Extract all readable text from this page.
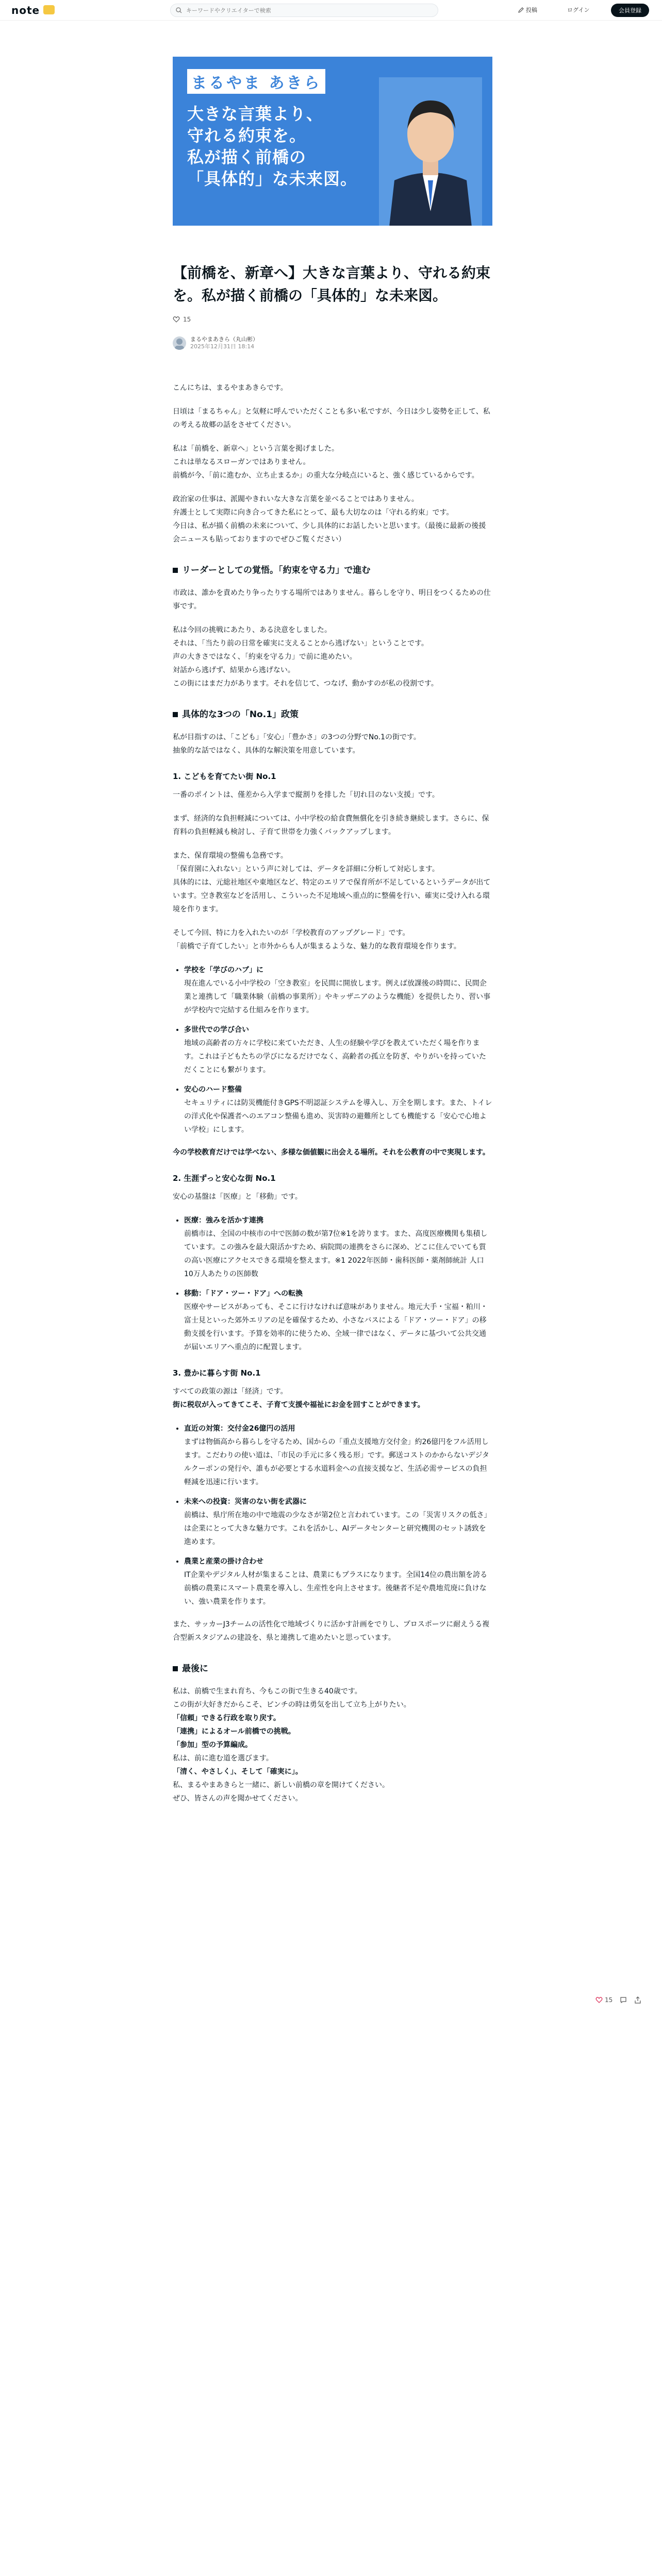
note
キーワードやクリエイターで検索	投稿	ログイン	会員登録
まるやま あきら
大きな言葉より、
守れる約束を。
私が描く前橋の
「具体的」な未来図。
【前橋を、新章へ】大きな言葉より、守れる約束を。私が描く前橋の「具体的」な未来図。
15
まるやまあきら（丸山彬）
2025年12月31日 18:14

こんにちは、まるやまあきらです。

日頃は「まるちゃん」と気軽に呼んでいただくことも多い私ですが、今日は少し姿勢を正して、私の考える故郷の話をさせてください。

私は「前橋を、新章へ」という言葉を掲げました。
これは単なるスローガンではありません。
前橋が今、「前に進むか、立ち止まるか」の重大な分岐点にいると、強く感じているからです。

政治家の仕事は、派閥やきれいな大きな言葉を並べることではありません。
弁護士として実際に向き合ってきた私にとって、最も大切なのは「守れる約束」です。
今日は、私が描く前橋の未来について、少し具体的にお話したいと思います。（最後に最新の後援会ニュースも貼っておりますのでぜひご覧ください）

リーダーとしての覚悟。「約束を守る力」で進む

市政は、誰かを責めたり争ったりする場所ではありません。暮らしを守り、明日をつくるための仕事です。

私は今回の挑戦にあたり、ある決意をしました。
それは、「当たり前の日常を確実に支えることから逃げない」ということです。
声の大きさではなく、「約束を守る力」で前に進めたい。
対話から逃げず、結果から逃げない。
この街にはまだ力があります。それを信じて、つなげ、動かすのが私の役割です。

具体的な3つの「No.1」政策

私が目指すのは、「こども」「安心」「豊かさ」の3つの分野でNo.1の街です。
抽象的な話ではなく、具体的な解決策を用意しています。

1. こどもを育てたい街 No.1

一番のポイントは、僅差から入学まで縦割りを排した「切れ目のない支援」です。

まず、経済的な負担軽減については、小中学校の給食費無償化を引き続き継続します。さらに、保育料の負担軽減も検討し、子育て世帯を力強くバックアップします。

また、保育環境の整備も急務です。
「保育園に入れない」という声に対しては、データを詳細に分析して対応します。
具体的には、元総社地区や東地区など、特定のエリアで保育所が不足しているというデータが出ています。空き教室などを活用し、こういった不足地域へ重点的に整備を行い、確実に受け入れる環境を作ります。

そして今回、特に力を入れたいのが「学校教育のアップグレード」です。
「前橋で子育てしたい」と市外からも人が集まるような、魅力的な教育環境を作ります。

• 学校を「学びのハブ」に
現在進んでいる小中学校の「空き教室」を民間に開放します。例えば放課後の時間に、民間企業と連携して「職業体験（前橋の事業所）」やキッザニアのような機能）を提供したり、習い事が学校内で完結する仕組みを作ります。
• 多世代での学び合い
地域の高齢者の方々に学校に来ていただき、人生の経験や学びを教えていただく場を作ります。これは子どもたちの学びになるだけでなく、高齢者の孤立を防ぎ、やりがいを持っていただくことにも繋がります。
• 安心のハード整備
セキュリティには防災機能付きGPS不明認証システムを導入し、万全を期します。また、トイレの洋式化や保護者へのエアコン整備も進め、災害時の避難所としても機能する「安心で心地よい学校」にします。

今の学校教育だけでは学べない、多様な価値観に出会える場所。それを公教育の中で実現します。

2. 生涯ずっと安心な街 No.1

安心の基盤は「医療」と「移動」です。

• 医療：強みを活かす連携
前橋市は、全国の中核市の中で医師の数が第7位※1を誇ります。また、高度医療機関も集積しています。この強みを最大限活かすため、病院間の連携をさらに深め、どこに住んでいても質の高い医療にアクセスできる環境を整えます。※1 2022年医師・歯科医師・薬剤師統計 人口10万人あたりの医師数
• 移動：「ドア・ツー・ドア」への転換
医療やサービスがあっても、そこに行けなければ意味がありません。地元大手・宝福・粕川・富士見といった郊外エリアの足を確保するため、小さなバスによる「ドア・ツー・ドア」の移動支援を行います。予算を効率的に使うため、全域一律ではなく、データに基づいて公共交通が届いエリアへ重点的に配置します。
3. 豊かに暮らす街 No.1

すべての政策の源は「経済」です。
街に税収が入ってきてこそ、子育て支援や福祉にお金を回すことができます。

• 直近の対策：交付金26億円の活用
まずは物価高から暮らしを守るため、国からの「重点支援地方交付金」約26億円をフル活用します。こだわりの使い道は、「市民の手元に多く残る形」です。郵送コストのかからないデジタルクーポンの発行や、誰もが必要とする水道料金への直接支援など、生活必需サービスの負担軽減を迅速に行います。
• 未来への投資：災害のない街を武器に
前橋は、県庁所在地の中で地震の少なさが第2位と言われています。この「災害リスクの低さ」は企業にとって大きな魅力です。これを活かし、AIデータセンターと研究機関のセット誘致を進めます。
• 農業と産業の掛け合わせ
IT企業やデジタル人材が集まることは、農業にもプラスになります。全国14位の農出額を誇る前橋の農業にスマート農業を導入し、生産性を向上させます。後継者不足や農地荒廃に負けない、強い農業を作ります。

また、サッカーJ3チームの活性化で地域づくりに活かす計画をでりし、プロスポーツに耐えうる複合型新スタジアムの建設を、県と連携して進めたいと思っています。

最後に

私は、前橋で生まれ育ち、今もこの街で生きる40歳です。
この街が大好きだからこそ、ピンチの時は勇気を出して立ち上がりたい。
「信頼」できる行政を取り戻す。
「連携」によるオール前橋での挑戦。
「参加」型の予算編成。
私は、前に進む道を選びます。
「清く、やさしく」、そして「確実に」。
私、まるやまあきらと一緒に、新しい前橋の章を開けてください。
ぜひ、皆さんの声を聞かせてください。

15
